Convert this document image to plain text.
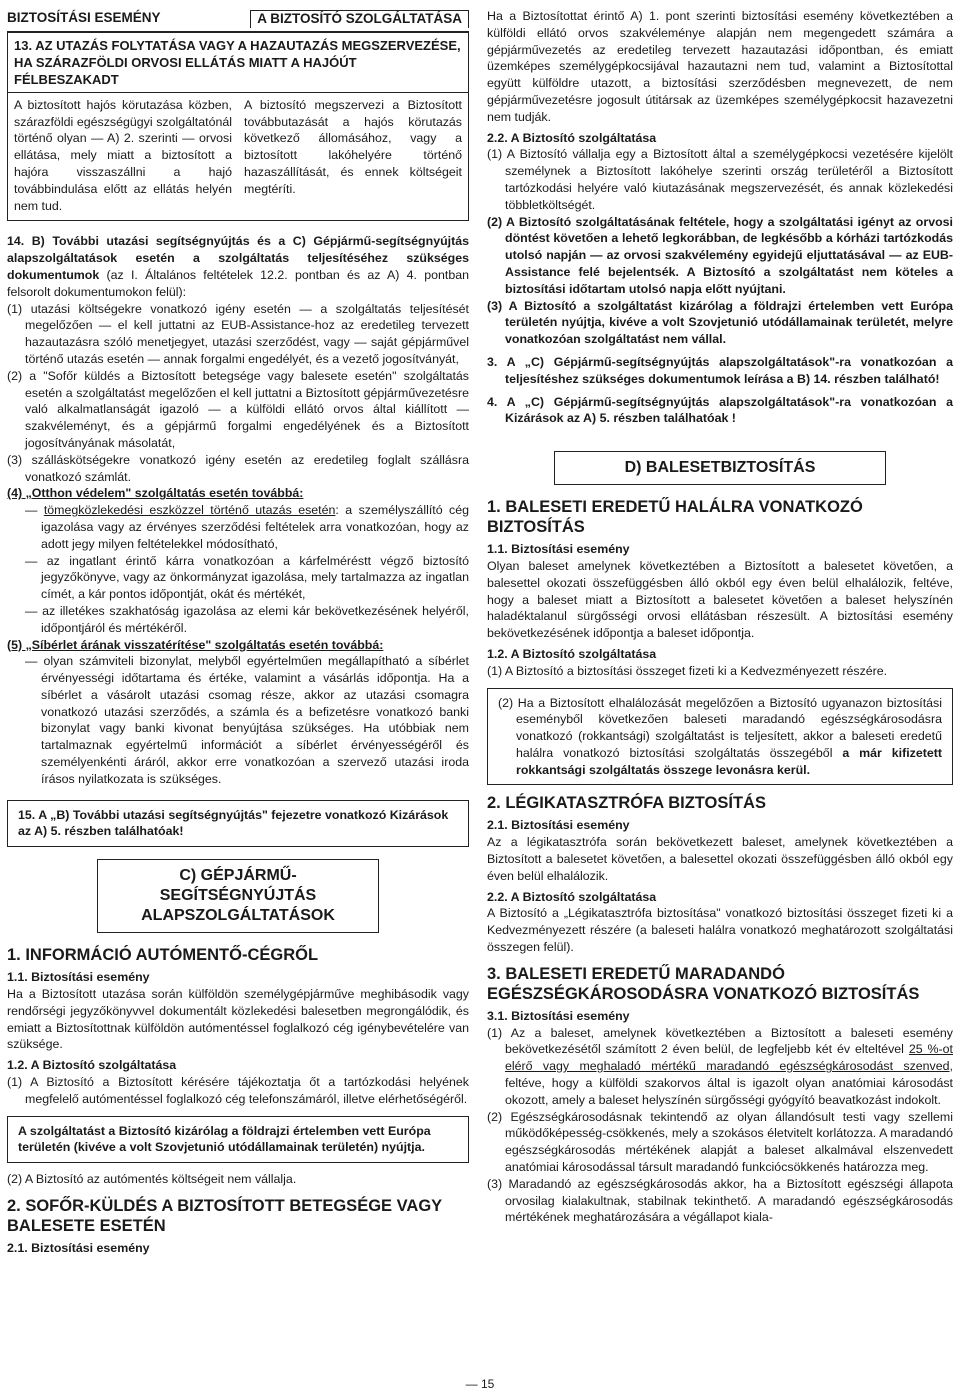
BIZTOSÍTÁSI ESEMÉNY	A BIZTOSÍTÓ SZOLGÁLTATÁSA
13. AZ UTAZÁS FOLYTATÁSA VAGY A HAZAUTAZÁS MEGSZERVEZÉSE, HA SZÁRAZFÖLDI ORVOSI ELLÁTÁS MIATT A HAJÓÚT FÉLBESZAKADT
A biztosított hajós körutazása közben, szárazföldi egészségügyi szolgáltatónál történő olyan — A) 2. szerinti — orvosi ellátása, mely miatt a biztosított a hajóra visszaszállni a hajó továbbindulása előtt az ellátás helyén nem tud.
A biztosító megszervezi a Biztosított továbbutazását a hajós körutazás következő állomásához, vagy a biztosított lakóhelyére történő hazaszállítását, és ennek költségeit megtéríti.

14. B) További utazási segítségnyújtás és a C) Gépjármű-segítségnyújtás alapszolgáltatások esetén a szolgáltatás teljesítéséhez szükséges dokumentumok (az I. Általános feltételek 12.2. pontban és az A) 4. pontban felsorolt dokumentumokon felül):

(1) utazási költségekre vonatkozó igény esetén — a szolgáltatás teljesítését megelőzően — el kell juttatni az EUB-Assistance-hoz az eredetileg tervezett hazautazásra szóló menetjegyet, utazási szerződést, vagy — saját gépjárművel történő utazás esetén — annak forgalmi engedélyét, és a vezető jogosítványát,

(2) a "Sofőr küldés a Biztosított betegsége vagy balesete esetén" szolgáltatás esetén a szolgáltatást megelőzően el kell juttatni a Biztosított gépjárművezetésre való alkalmatlanságát igazoló — a külföldi ellátó orvos által kiállított — szakvéleményt, és a gépjármű forgalmi engedélyének és a Biztosított jogosítványának másolatát,

(3) szálláskötségekre vonatkozó igény esetén az eredetileg foglalt szállásra vonatkozó számlát.

(4) „Otthon védelem" szolgáltatás esetén továbbá:

— tömegközlekedési eszközzel történő utazás esetén: a személyszállító cég igazolása vagy az érvényes szerződési feltételek arra vonatkozóan, hogy az adott jegy milyen feltételekkel módosítható,

— az ingatlant érintő kárra vonatkozóan a kárfelméréstt végző biztosító jegyzőkönyve, vagy az önkormányzat igazolása, mely tartalmazza az ingatlan címét, a kár pontos időpontját, okát és mértékét,

— az illetékes szakhatóság igazolása az elemi kár bekövetkezésének helyéről, időpontjáról és mértékéről.

(5) „Síbérlet árának visszatérítése" szolgáltatás esetén továbbá:

— olyan számviteli bizonylat, melyből egyértelműen megállapítható a síbérlet érvényességi időtartama és értéke, valamint a vásárlás időpontja. Ha a síbérlet a vásárolt utazási csomag része, akkor az utazási csomagra vonatkozó utazási szerződés, a számla és a befizetésre vonatkozó banki bizonylat vagy banki kivonat benyújtása szükséges. Ha utóbbiak nem tartalmaznak egyértelmű információt a síbérlet érvényességéről és személyenkénti áráról, akkor erre vonatkozóan a szervező utazási iroda írásos nyilatkozata is szükséges.

15. A „B) További utazási segítségnyújtás" fejezetre vonatkozó Kizárások az A) 5. részben találhatóak!
C) GÉPJÁRMŰ-SEGÍTSÉGNYÚJTÁS ALAPSZOLGÁLTATÁSOK
1. INFORMÁCIÓ AUTÓMENTŐ-CÉGRŐL

1.1. Biztosítási esemény

Ha a Biztosított utazása során külföldön személygépjárműve meghibásodik vagy rendőrségi jegyzőkönyvvel dokumentált közlekedési balesetben megrongálódik, és emiatt a Biztosítottnak külföldön autómentéssel foglalkozó cég igénybevételére van szüksége.

1.2. A Biztosító szolgáltatása

(1) A Biztosító a Biztosított kérésére tájékoztatja őt a tartózkodási helyének megfelelő autómentéssel foglalkozó cég telefonszámáról, illetve elérhetőségéről.

A szolgáltatást a Biztosító kizárólag a földrajzi értelemben vett Európa területén (kivéve a volt Szovjetunió utódállamainak területén) nyújtja.

(2) A Biztosító az autómentés költségeit nem vállalja.

2. SOFŐR-KÜLDÉS A BIZTOSÍTOTT BETEGSÉGE VAGY BALESETE ESETÉN

2.1. Biztosítási esemény

Ha a Biztosítottat érintő A) 1. pont szerinti biztosítási esemény következtében a külföldi ellátó orvos szakvéleménye alapján nem megengedett számára a gépjárművezetés az eredetileg tervezett hazautazási időpontban, és emiatt üzemképes személygépkocsijával hazautazni nem tud, valamint a Biztosítottal együtt külföldre utazott, a biztosítási szerződésben megnevezett, de nem gépjárművezetésre jogosult útitársak az üzemképes személygépkocsit hazavezetni nem tudják.

2.2. A Biztosító szolgáltatása

(1) A Biztosító vállalja egy a Biztosított által a személygépkocsi vezetésére kijelölt személynek a Biztosított lakóhelye szerinti ország területéről a Biztosított tartózkodási helyére való kiutazásának megszervezését, és annak közlekedési többletköltségét.

(2) A Biztosító szolgáltatásának feltétele, hogy a szolgáltatási igényt az orvosi döntést követően a lehető legkorábban, de legkésőbb a kórházi tartózkodás utolsó napján — az orvosi szakvélemény egyidejű eljuttatásával — az EUB-Assistance felé bejelentsék. A Biztosító a szolgáltatást nem köteles a biztosítási időtartam utolsó napja előtt nyújtani.

(3) A Biztosító a szolgáltatást kizárólag a földrajzi értelemben vett Európa területén nyújtja, kivéve a volt Szovjetunió utódállamainak területét, melyre vonatkozóan szolgáltatást nem vállal.

3. A „C) Gépjármű-segítségnyújtás alapszolgáltatások"-ra vonatkozóan a teljesítéshez szükséges dokumentumok leírása a B) 14. részben található!

4. A „C) Gépjármű-segítségnyújtás alapszolgáltatások"-ra vonatkozóan a Kizárások az A) 5. részben találhatóak !

D) BALESETBIZTOSÍTÁS
1. BALESETI EREDETŰ HALÁLRA VONATKOZÓ BIZTOSÍTÁS

1.1. Biztosítási esemény

Olyan baleset amelynek következtében a Biztosított a balesetet követően, a balesettel okozati összefüggésben álló okból egy éven belül elhalálozik, feltéve, hogy a baleset miatt a Biztosított a balesetet követően a baleset helyszínén haladéktalanul sürgősségi orvosi ellátásban részesült. A biztosítási esemény bekövetkezésének időpontja a baleset időpontja.

1.2. A Biztosító szolgáltatása

(1) A Biztosító a biztosítási összeget fizeti ki a Kedvezményezett részére.

(2) Ha a Biztosított elhalálozását megelőzően a Biztosító ugyanazon biztosítási eseményből következően baleseti maradandó egészségkárosodásra vonatkozó (rokkantsági) szolgáltatást is teljesített, akkor a baleseti eredetű halálra vonatkozó biztosítási szolgáltatás összegéből a már kifizetett rokkantsági szolgáltatás összege levonásra kerül.
2. LÉGIKATASZTRÓFA BIZTOSÍTÁS

2.1. Biztosítási esemény

Az a légikatasztrófa során bekövetkezett baleset, amelynek következtében a Biztosított a balesetet követően, a balesettel okozati összefüggésben álló okból egy éven belül elhalálozik.

2.2. A Biztosító szolgáltatása

A Biztosító a „Légikatasztrófa biztosítása" vonatkozó biztosítási összeget fizeti ki a Kedvezményezett részére (a baleseti halálra vonatkozó meghatározott szolgáltatási összegen felül).

3. BALESETI EREDETŰ MARADANDÓ EGÉSZSÉGKÁROSODÁSRA VONATKOZÓ BIZTOSÍTÁS

3.1. Biztosítási esemény

(1) Az a baleset, amelynek következtében a Biztosított a baleseti esemény bekövetkezésétől számított 2 éven belül, de legfeljebb két év elteltével 25 %-ot elérő vagy meghaladó mértékű maradandó egészségkárosodást szenved, feltéve, hogy a külföldi szakorvos által is igazolt olyan anatómiai károsodást okozott, amely a baleset helyszínén sürgősségi gyógyító beavatkozást indokolt.

(2) Egészségkárosodásnak tekintendő az olyan állandósult testi vagy szellemi működőképesség-csökkenés, mely a szokásos életvitelt korlátozza. A maradandó egészségkárosodás mértékének alapját a baleset alkalmával elszenvedett anatómiai károsodással társult maradandó funkciócsökkenés határozza meg.

(3) Maradandó az egészségkárosodás akkor, ha a Biztosított egészségi állapota orvosilag kialakultnak, stabilnak tekinthető. A maradandó egészségkárosodás mértékének meghatározására a végállapot kiala-

— 15
